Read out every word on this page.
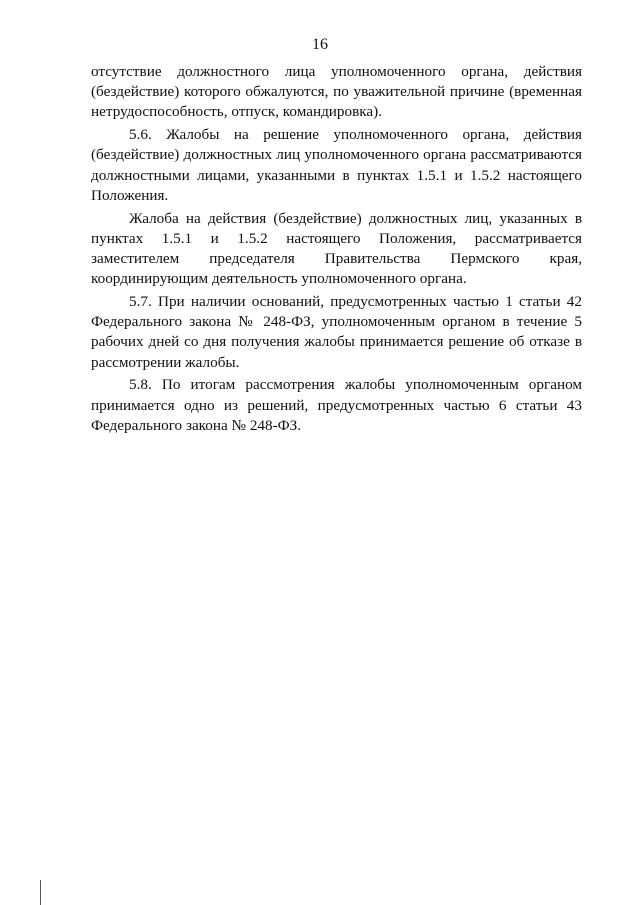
16

отсутствие должностного лица уполномоченного органа, действия (бездействие) которого обжалуются, по уважительной причине (временная нетрудоспособность, отпуск, командировка).

5.6. Жалобы на решение уполномоченного органа, действия (бездействие) должностных лиц уполномоченного органа рассматриваются должностными лицами, указанными в пунктах 1.5.1 и 1.5.2 настоящего Положения.

Жалоба на действия (бездействие) должностных лиц, указанных в пунктах 1.5.1 и 1.5.2 настоящего Положения, рассматривается заместителем председателя Правительства Пермского края, координирующим деятельность уполномоченного органа.

5.7. При наличии оснований, предусмотренных частью 1 статьи 42 Федерального закона № 248-ФЗ, уполномоченным органом в течение 5 рабочих дней со дня получения жалобы принимается решение об отказе в рассмотрении жалобы.

5.8. По итогам рассмотрения жалобы уполномоченным органом принимается одно из решений, предусмотренных частью 6 статьи 43 Федерального закона № 248-ФЗ.
